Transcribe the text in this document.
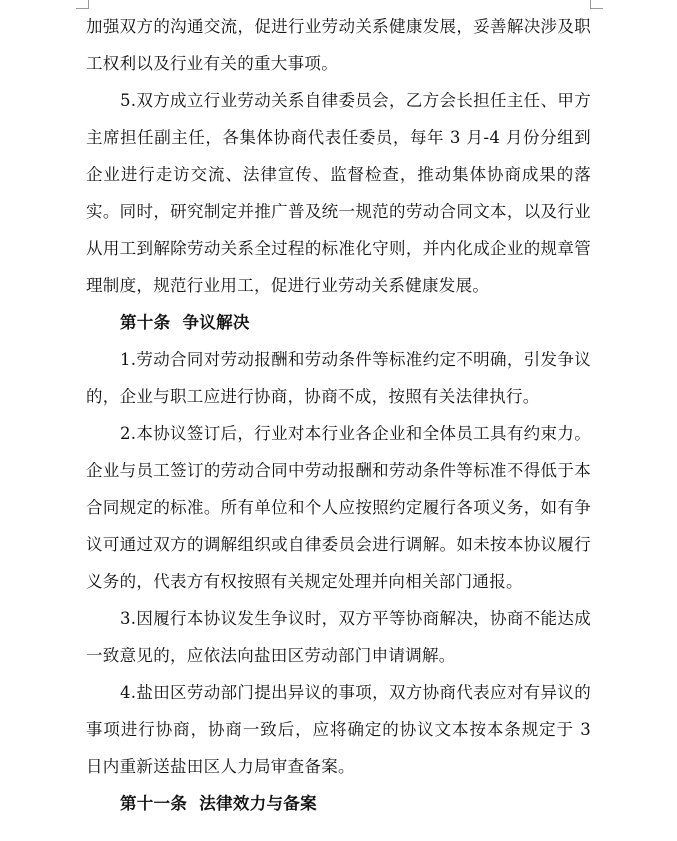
加强双方的沟通交流，促进行业劳动关系健康发展，妥善解决涉及职工权利以及行业有关的重大事项。

5.双方成立行业劳动关系自律委员会，乙方会长担任主任、甲方主席担任副主任，各集体协商代表任委员，每年 3 月-4 月份分组到企业进行走访交流、法律宣传、监督检查，推动集体协商成果的落实。同时，研究制定并推广普及统一规范的劳动合同文本，以及行业从用工到解除劳动关系全过程的标准化守则，并内化成企业的规章管理制度，规范行业用工，促进行业劳动关系健康发展。

第十条  争议解决

1.劳动合同对劳动报酬和劳动条件等标准约定不明确，引发争议的，企业与职工应进行协商，协商不成，按照有关法律执行。

2.本协议签订后，行业对本行业各企业和全体员工具有约束力。企业与员工签订的劳动合同中劳动报酬和劳动条件等标准不得低于本合同规定的标准。所有单位和个人应按照约定履行各项义务，如有争议可通过双方的调解组织或自律委员会进行调解。如未按本协议履行义务的，代表方有权按照有关规定处理并向相关部门通报。

3.因履行本协议发生争议时，双方平等协商解决，协商不能达成一致意见的，应依法向盐田区劳动部门申请调解。

4.盐田区劳动部门提出异议的事项，双方协商代表应对有异议的事项进行协商，协商一致后，应将确定的协议文本按本条规定于 3 日内重新送盐田区人力局审查备案。

第十一条  法律效力与备案
